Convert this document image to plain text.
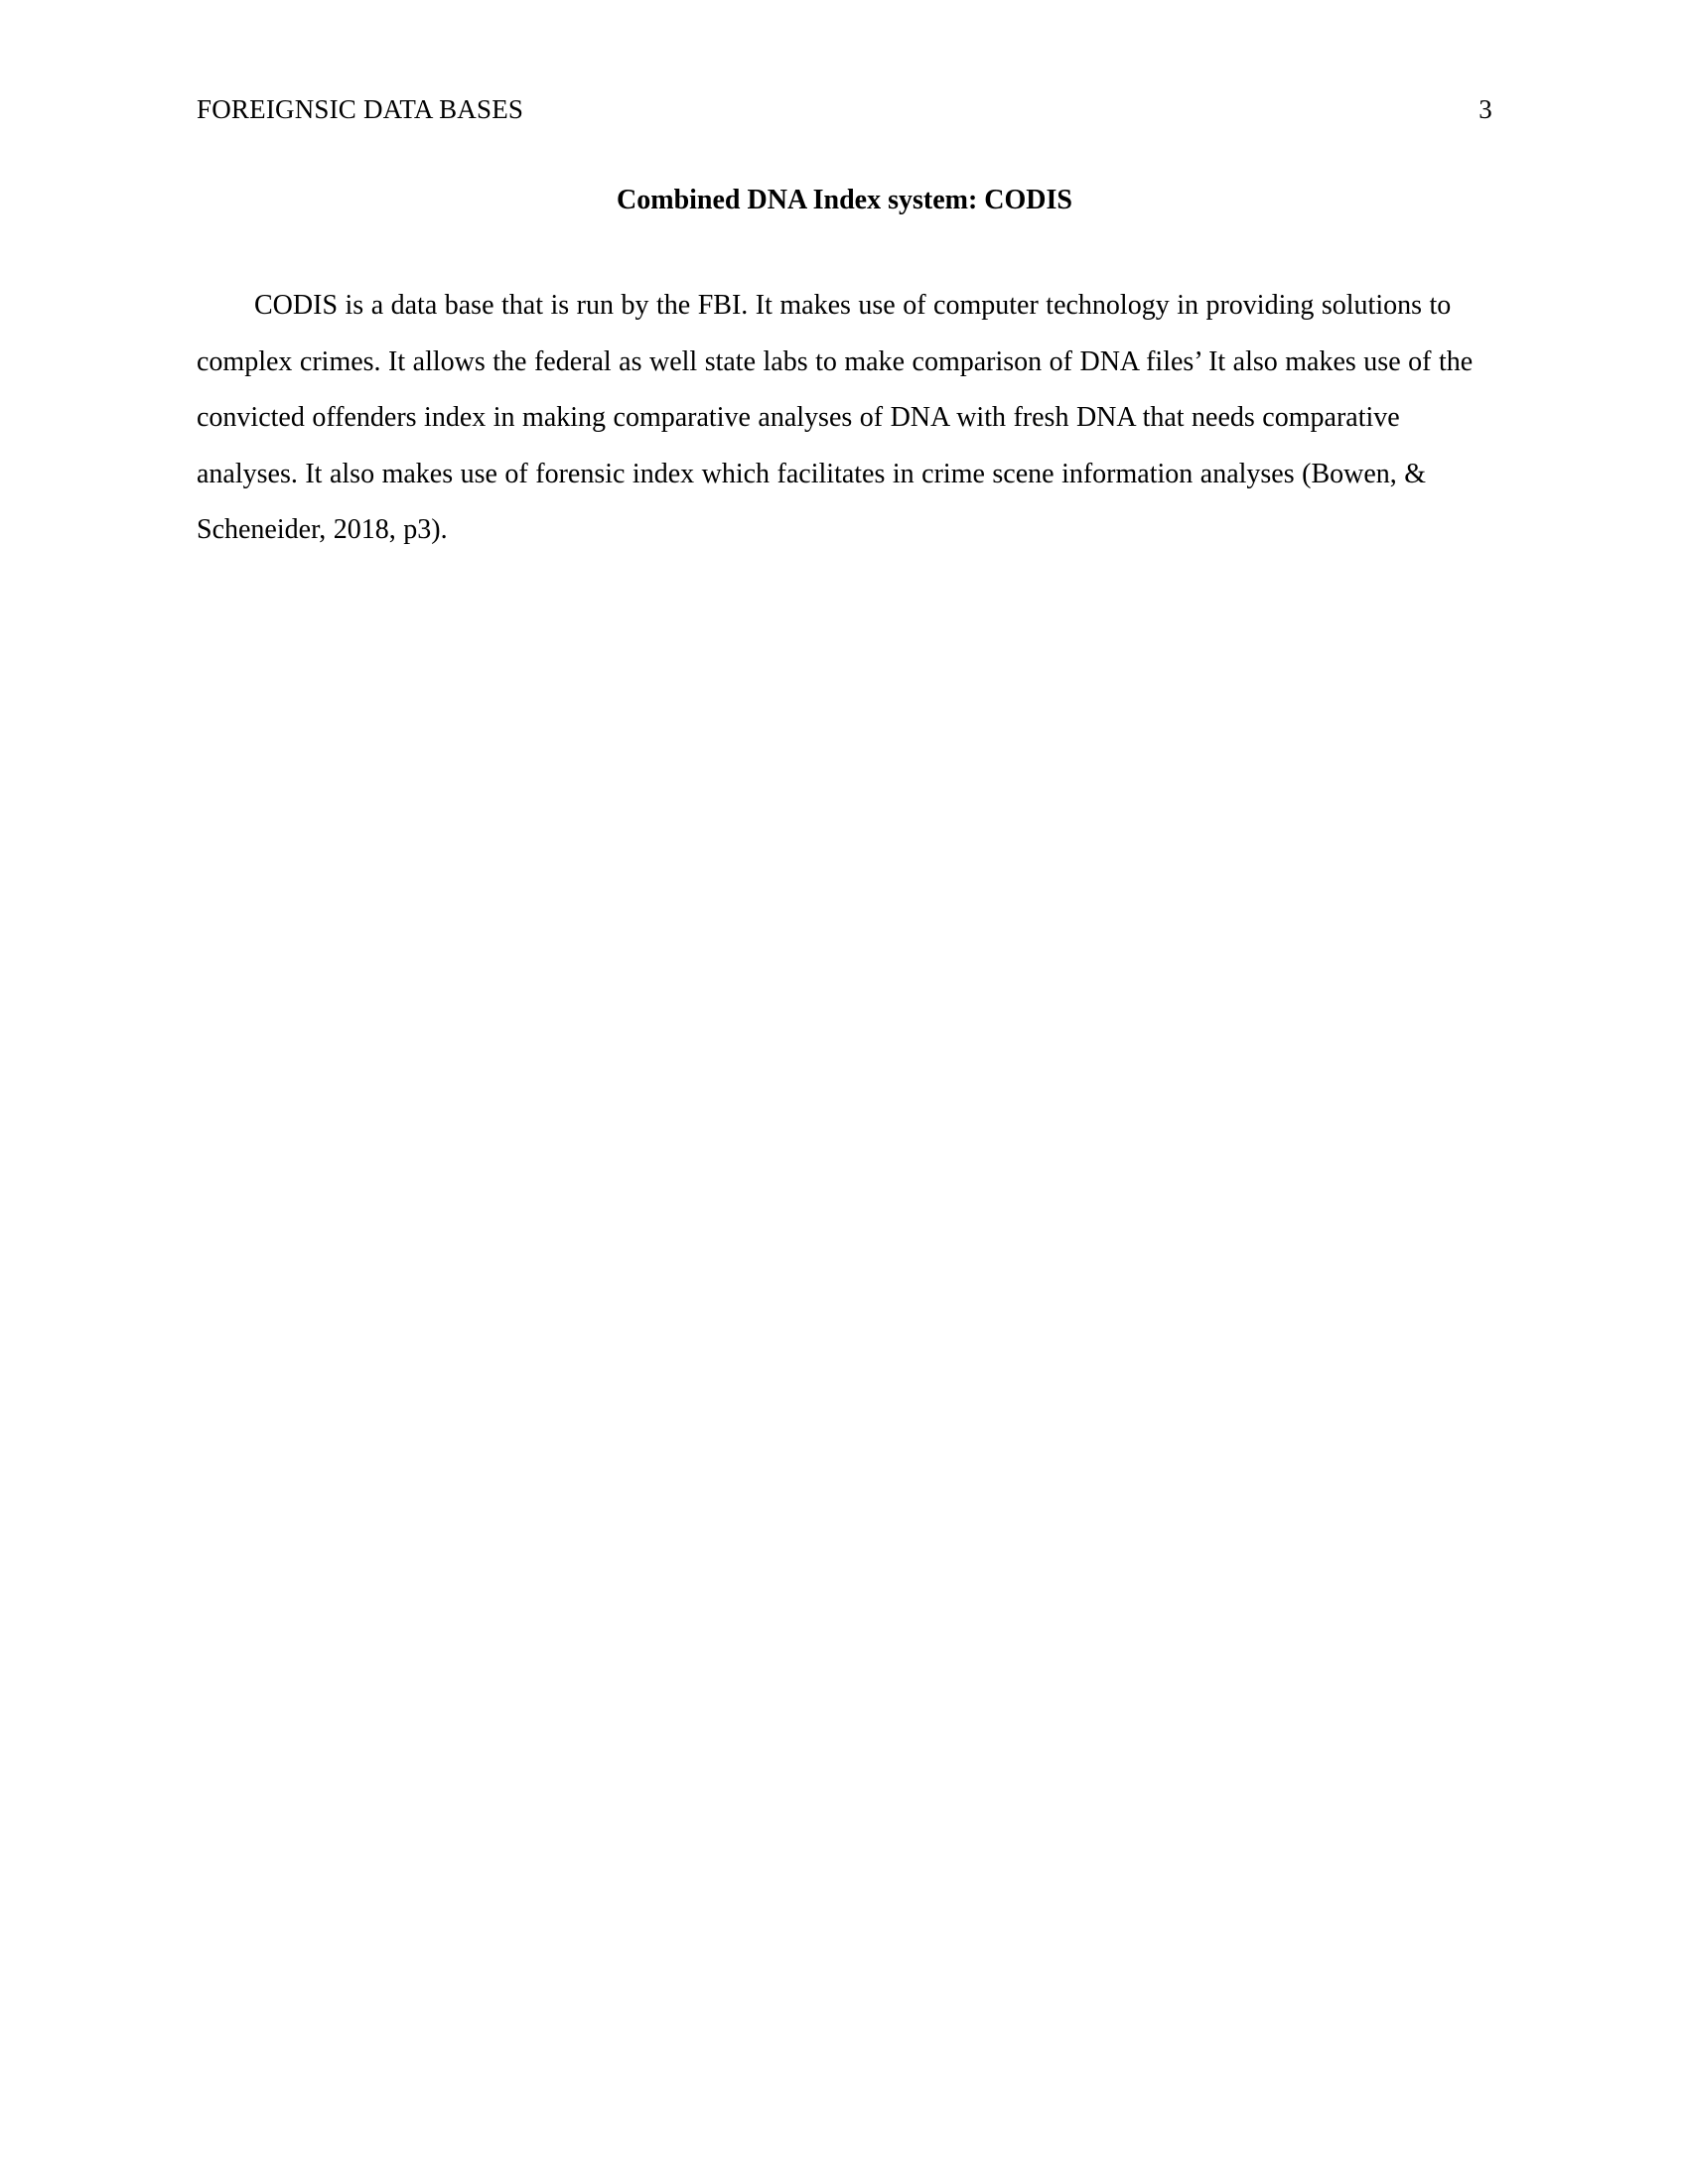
FOREIGNSIC DATA BASES	3
Combined DNA Index system: CODIS

CODIS is a data base that is run by the FBI. It makes use of computer technology in providing solutions to complex crimes. It allows the federal as well state labs to make comparison of DNA files’ It also makes use of the convicted offenders index in making comparative analyses of DNA with fresh DNA that needs comparative analyses. It also makes use of forensic index which facilitates in crime scene information analyses (Bowen, & Scheneider, 2018, p3).
